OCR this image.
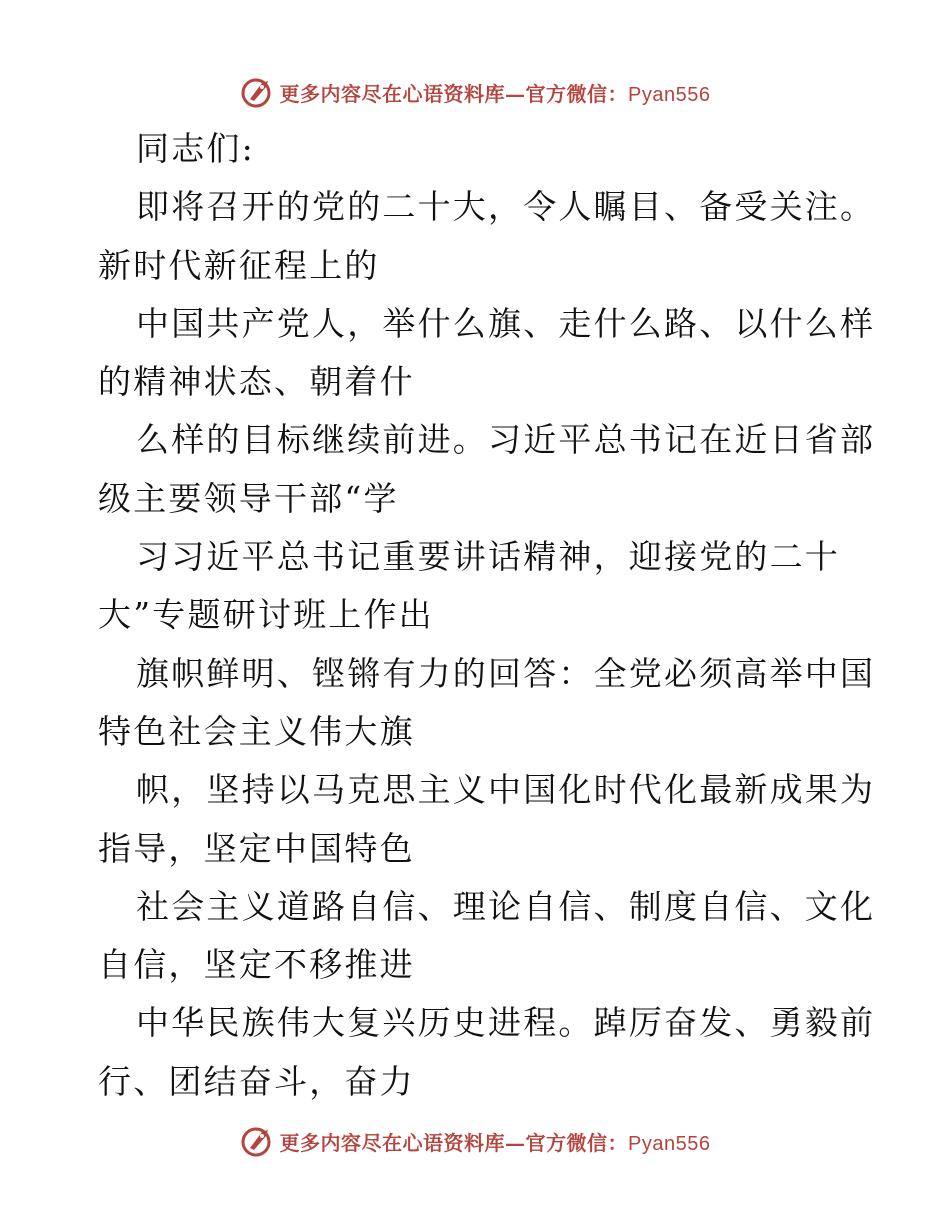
更多内容尽在心语资料库—官方微信：Pyan556
同志们:
即将召开的党的二十大，令人瞩目、备受关注。
新时代新征程上的
中国共产党人，举什么旗、走什么路、以什么样
的精神状态、朝着什
么样的目标继续前进。习近平总书记在近日省部
级主要领导干部“学
习习近平总书记重要讲话精神，迎接党的二十
大”专题研讨班上作出
旗帜鲜明、铿锵有力的回答：全党必须高举中国
特色社会主义伟大旗
帜，坚持以马克思主义中国化时代化最新成果为
指导，坚定中国特色
社会主义道路自信、理论自信、制度自信、文化
自信，坚定不移推进
中华民族伟大复兴历史进程。踔厉奋发、勇毅前
行、团结奋斗，奋力
更多内容尽在心语资料库—官方微信：Pyan556
